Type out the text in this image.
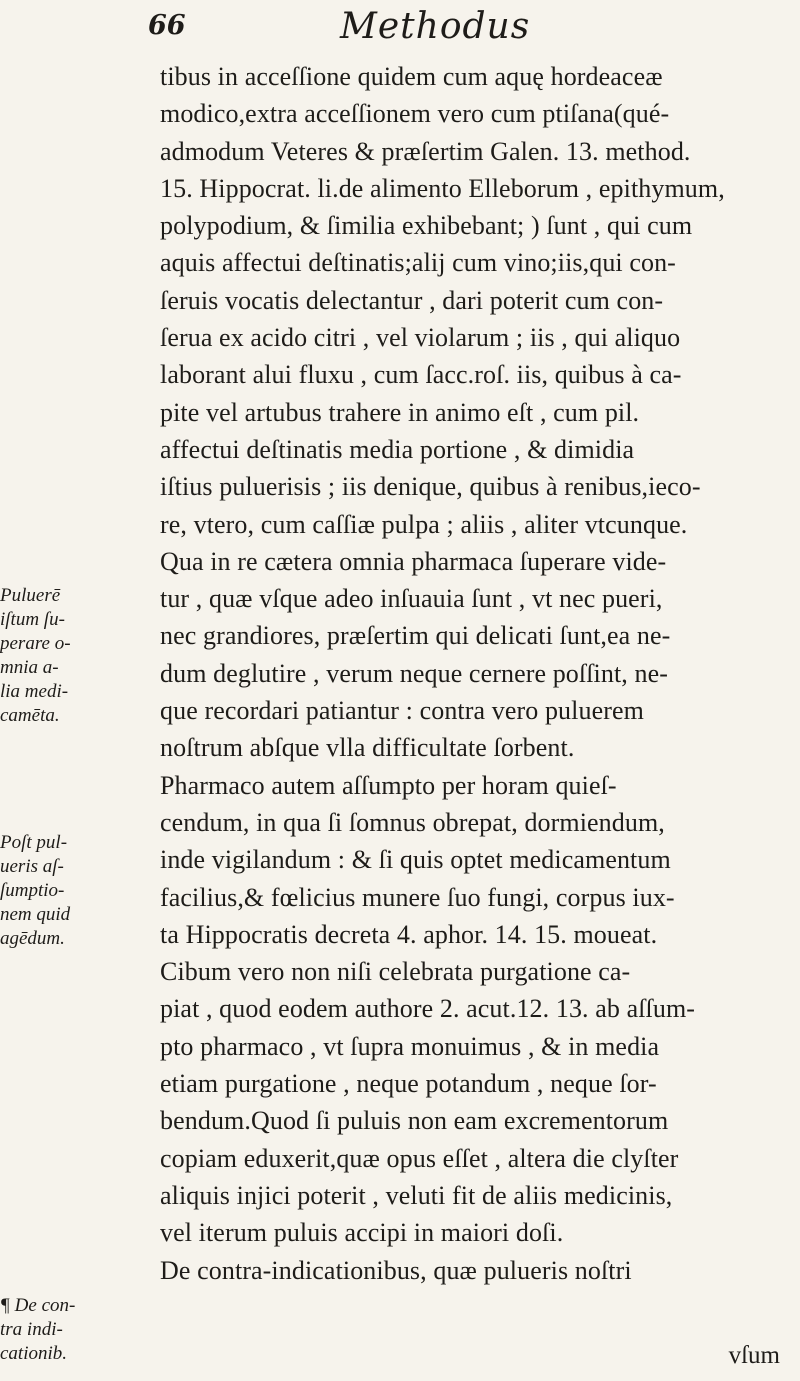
66	Methodus
Puluerē
iſtum ſu-
perare o-
mnia a-
lia medi-
camēta.
Poſt pul-
ueris aſ-
ſumptio-
nem quid
agēdum.
¶ De con-
tra indi-
cationib.
tibus in acceſſione quidem cum aquę hordeaceæ
modico,extra acceſſionem vero cum ptiſana(qué-
admodum Veteres & præſertim Galen. 13. method.
15. Hippocrat. li.de alimento Elleborum , epithymum,
polypodium, & ſimilia exhibebant; ) ſunt , qui cum
aquis affectui deſtinatis;alij cum vino;iis,qui con-
ſeruis vocatis delectantur , dari poterit cum con-
ſerua ex acido citri , vel violarum ; iis , qui aliquo
laborant alui fluxu , cum ſacc.roſ. iis, quibus à ca-
pite vel artubus trahere in animo eſt , cum pil.
affectui deſtinatis media portione , & dimidia
iſtius puluerisis ; iis denique, quibus à renibus,ieco-
re, vtero, cum caſſiæ pulpa ; aliis , aliter vtcunque.
Qua in re cætera omnia pharmaca ſuperare vide-
tur , quæ vſque adeo inſuauia ſunt , vt nec pueri,
nec grandiores, præſertim qui delicati ſunt,ea ne-
dum deglutire , verum neque cernere poſſint, ne-
que recordari patiantur : contra vero puluerem
noſtrum abſque vlla difficultate ſorbent.
Pharmaco autem aſſumpto per horam quieſ-
cendum, in qua ſi ſomnus obrepat, dormiendum,
inde vigilandum : & ſi quis optet medicamentum
facilius,& fœlicius munere ſuo fungi, corpus iux-
ta Hippocratis decreta 4. aphor. 14. 15. moueat.
Cibum vero non niſi celebrata purgatione ca-
piat , quod eodem authore 2. acut.12. 13. ab aſſum-
pto pharmaco , vt ſupra monuimus , & in media
etiam purgatione , neque potandum , neque ſor-
bendum.Quod ſi puluis non eam excrementorum
copiam eduxerit,quæ opus eſſet , altera die clyſter
aliquis injici poterit , veluti fit de aliis medicinis,
vel iterum puluis accipi in maiori doſi.
De contra-indicationibus, quæ pulueris noſtri
vſum
